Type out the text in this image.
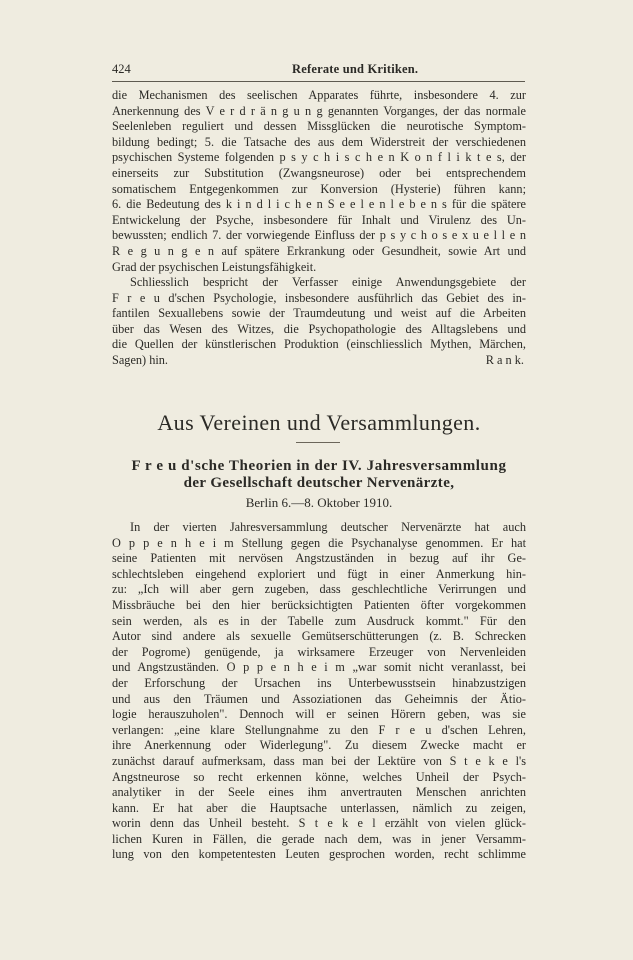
424	Referate und Kritiken.
die Mechanismen des seelischen Apparates führte, insbesondere 4. zur
Anerkennung des V e r d r ä n g u n g genannten Vorganges, der das normale
Seelenleben reguliert und dessen Missglücken die neurotische Symptom-
bildung bedingt; 5. die Tatsache des aus dem Widerstreit der verschiedenen
psychischen Systeme folgenden p s y c h i s c h e n K o n f l i k t e s, der
einerseits zur Substitution (Zwangsneurose) oder bei entsprechendem
somatischem Entgegenkommen zur Konversion (Hysterie) führen kann;
6. die Bedeutung des k i n d l i c h e n S e e l e n l e b e n s für die spätere
Entwickelung der Psyche, insbesondere für Inhalt und Virulenz des Un-
bewussten; endlich 7. der vorwiegende Einfluss der p s y c h o s e x u e l l e n
R e g u n g e n auf spätere Erkrankung oder Gesundheit, sowie Art und
Grad der psychischen Leistungsfähigkeit.
Schliesslich bespricht der Verfasser einige Anwendungsgebiete der
F r e u d'schen Psychologie, insbesondere ausführlich das Gebiet des in-
fantilen Sexuallebens sowie der Traumdeutung und weist auf die Arbeiten
über das Wesen des Witzes, die Psychopathologie des Alltagslebens und
die Quellen der künstlerischen Produktion (einschliesslich Mythen, Märchen,
Sagen) hin.	R a n k.
Aus Vereinen und Versammlungen.
F r e u d'sche Theorien in der IV. Jahresversammlung
der Gesellschaft deutscher Nervenärzte,
Berlin 6.—8. Oktober 1910.
In der vierten Jahresversammlung deutscher Nervenärzte hat auch
O p p e n h e i m Stellung gegen die Psychanalyse genommen. Er hat
seine Patienten mit nervösen Angstzuständen in bezug auf ihr Ge-
schlechtsleben eingehend exploriert und fügt in einer Anmerkung hin-
zu: „Ich will aber gern zugeben, dass geschlechtliche Verirrungen und
Missbräuche bei den hier berücksichtigten Patienten öfter vorgekommen
sein werden, als es in der Tabelle zum Ausdruck kommt." Für den
Autor sind andere als sexuelle Gemütserschütterungen (z. B. Schrecken
der Pogrome) genügende, ja wirksamere Erzeuger von Nervenleiden
und Angstzuständen. O p p e n h e i m „war somit nicht veranlasst, bei
der Erforschung der Ursachen ins Unterbewusstsein hinabzustzigen
und aus den Träumen und Assoziationen das Geheimnis der Ätio-
logie herauszuholen". Dennoch will er seinen Hörern geben, was sie
verlangen: „eine klare Stellungnahme zu den F r e u d'schen Lehren,
ihre Anerkennung oder Widerlegung". Zu diesem Zwecke macht er
zunächst darauf aufmerksam, dass man bei der Lektüre von S t e k e l's
Angstneurose so recht erkennen könne, welches Unheil der Psych-
analytiker in der Seele eines ihm anvertrauten Menschen anrichten
kann. Er hat aber die Hauptsache unterlassen, nämlich zu zeigen,
worin denn das Unheil besteht. S t e k e l erzählt von vielen glück-
lichen Kuren in Fällen, die gerade nach dem, was in jener Versamm-
lung von den kompetentesten Leuten gesprochen worden, recht schlimme
